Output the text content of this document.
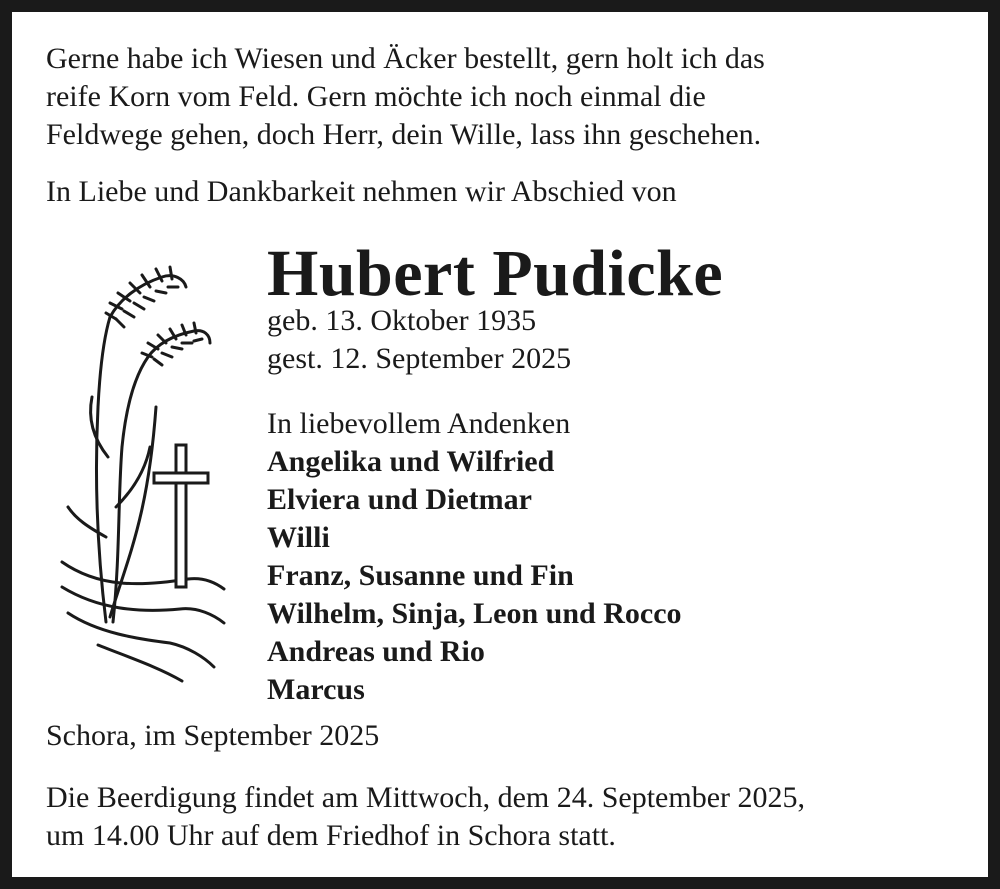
Gerne habe ich Wiesen und Äcker bestellt, gern holt ich das
reife Korn vom Feld. Gern möchte ich noch einmal die
Feldwege gehen, doch Herr, dein Wille, lass ihn geschehen.
In Liebe und Dankbarkeit nehmen wir Abschied von
Hubert Pudicke
geb. 13. Oktober 1935
gest. 12. September 2025
In liebevollem Andenken
Angelika und Wilfried
Elviera und Dietmar
Willi
Franz, Susanne und Fin
Wilhelm, Sinja, Leon und Rocco
Andreas und Rio
Marcus
Schora, im September 2025
Die Beerdigung findet am Mittwoch, dem 24. September 2025,
um 14.00 Uhr auf dem Friedhof in Schora statt.
